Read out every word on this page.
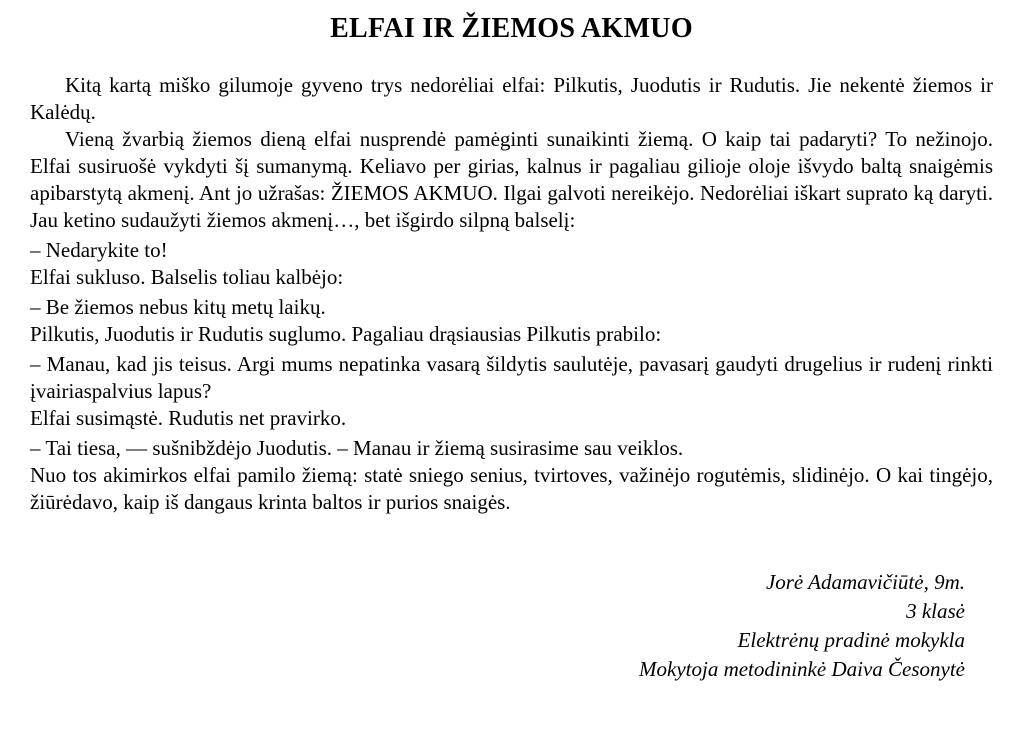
ELFAI IR ŽIEMOS AKMUO

Kitą kartą miško gilumoje gyveno trys nedorėliai elfai: Pilkutis, Juodutis ir Rudutis. Jie nekentė žiemos ir Kalėdų.

Vieną žvarbią žiemos dieną elfai nusprendė pamėginti sunaikinti žiemą. O kaip tai padaryti? To nežinojo. Elfai susiruošė vykdyti šį sumanymą. Keliavo per girias, kalnus ir pagaliau gilioje oloje išvydo baltą snaigėmis apibarstytą akmenį. Ant jo užrašas: ŽIEMOS AKMUO. Ilgai galvoti nereikėjo. Nedorėliai iškart suprato ką daryti. Jau ketino sudaužyti žiemos akmenį…, bet išgirdo silpną balselį:

– Nedarykite to!

Elfai sukluso. Balselis toliau kalbėjo:

– Be žiemos nebus kitų metų laikų.

Pilkutis, Juodutis ir Rudutis suglumo. Pagaliau drąsiausias Pilkutis prabilo:

– Manau, kad jis teisus. Argi mums nepatinka vasarą šildytis saulutėje, pavasarį gaudyti drugelius ir rudenį rinkti įvairiaspalvius lapus?

Elfai susimąstė. Rudutis net pravirko.

– Tai tiesa, — sušnibždėjo Juodutis. – Manau ir žiemą susirasime sau veiklos.

Nuo tos akimirkos elfai pamilo žiemą: statė sniego senius, tvirtoves, važinėjo rogutėmis, slidinėjo. O kai tingėjo, žiūrėdavo, kaip iš dangaus krinta baltos ir purios snaigės.

Jorė Adamavičiūtė, 9m.

3 klasė

Elektrėnų pradinė mokykla

Mokytoja metodininkė Daiva Česonytė
